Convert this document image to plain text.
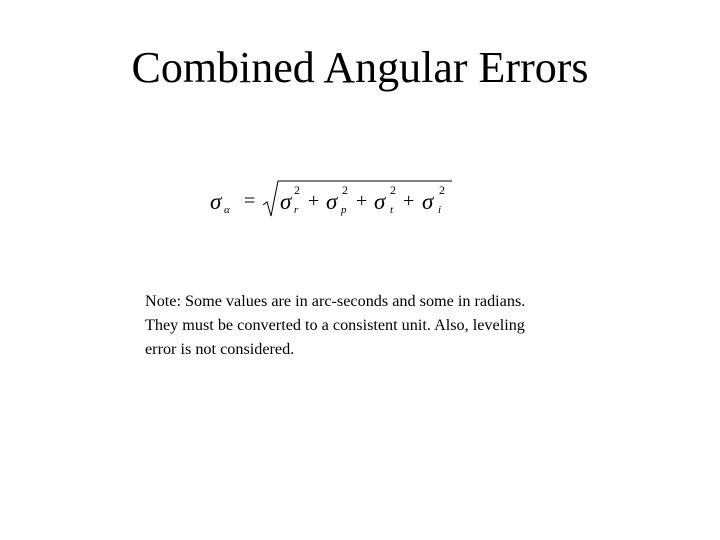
Combined Angular Errors
σ α = σ 2
r + σ 2
p + σ 2
t + σ 2
i
Note: Some values are in arc-seconds and some in radians.
They must be converted to a consistent unit. Also, leveling
error is not considered.
